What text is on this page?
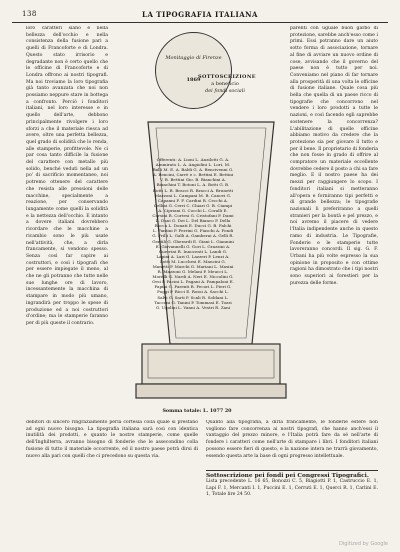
138	LA TIPOGRAFIA ITALIANA
loro caratteri siano e nella bellezza dell'occhio e nella consistenza della fusione pari a quelli di Francoforte e di Londra. Questo stato irrisorio e degradante non è certo quello che le officine di Francoforte e di Londra offrono ai nostri tipografi. Ma noi troviamo la loro tipografia già tanto avanzata che noi non possiamo neppure stare in bottega a confronto. Perciò i fonditori italiani, nel loro interesse e in quello dell'arte, debbono principalmente rivolgere i loro sforzi a che il materiale riesca ad avere, oltre una perfetta bellezza, quel grado di solidità che lo renda, alle stamperie, profittevole. Ne ci par cosa tanto difficile la fusione del carattere con metallo più solido, benché veduti nella ad un po' di sacrificio momentaneo, noi potremo ottenere del carattere che resista alle pressioni delle macchine, specialmente a reazione, per conservando lungamente come quelli la solidità e la nettezza dell'occhio. E intanto a dovere italiani dovrebbero ricordare che le macchine a ricambio sono le più usate nell'attività, che, a dirla francamente, si vendono spesso. Senza così far capire ai costruttori, e così i tipografi che per essere impiegate il meno, al che ne gli potranno che tutte nelle sue lunghe ore di lavoro, incessantemente la macchina di stampare in modo più umano, ingrandirà per troppo le spese di produzione ed a noi costruttori d'ordine; ma le stamperie faranno per di più queste il contrario.
parenti con uguale buon garbo di protezione, sarebbe anch'esso come i primi. Essi potranno dare un aiuto sotto forma di associazione, tornare al fine di avviare un nuovo ordine di cose, avvisando che il governo del paese non è tutto per noi. Conveniamo nel piano di far tornare alla prosperità di una volta le officine di fusione italiane. Quale cosa più bella che quella di un paese ricco di tipografie che concorrono nel vendere i loro prodotti a tutte le nazioni, e così facendo egli saprebbe sostenere la concorrenza? L'abilitazione di quelle officine abbiamo motivo da credere che la protezione sia per giovare il tutto e per il bene. Il proprietario di fonderia che non fosse in grado di offrire al compratore un materiale eccellente dovrebbe cedere il posto a chi sa fare meglio. E il nostro paese ha dei mezzi per raggiungere lo scopo. I fonditori italiani si metteranno all'opera e forniranno tipi perfetti e di grande bellezza; le tipografie nazionali li preferiranno a quelli stranieri per la bontà e pel prezzo, e noi avremo il piacere di vedere l'Italia indipendente anche in questo ramo di industria. Le Tipografie, Fonderie e le stamperie tutte lavoreranno concordi. Il sig. G. F. Urbani ha più volte espresso la sua opinione in proposito e con ottime ragioni ha dimostrato che i tipi nostri sono superiori ai forestieri per la purezza delle forme.
Monitaggio di Firenze
1869
SOTTOSCRIZIONE
a beneficio
dei fondi sociali
Offerenti: A. Lioni L. Anzilotti G. A. Ammirato L. A. Angiolini L. Lori, M. Balli M. E. A. Baldi G. A. Bencivenni G. A. Bencini, Carrè e c. Bettini E. Bettini V. B. Bettini Gio. B. Bianchini A. Bianchini T. Botoni L. A. Botti G. B. Botti L. B. Bracci R. Bracci A. Brunetti Mazzoni L. Campani M. B. Canovi G. Capanni F. F. Cardini R. Cecchi A. Cellini G. Cerri C. Chiari G. B. Ciampi A. Cipriani G. Cocchi L. Coralli E. Corsini R. Cortesi G. Cristofani P. Dami L. Dani G. Dei L. Del Bianco P. Della Rocca L. Donati E. Ducci G. B. Falchi L. Fantini P. Ferrini G. Fiaschi A. Fondi G. Frilli L. Galli A. Gamberai A. Gelli R. Gentili G. Gherardi E. Giani L. Giannini E. Giovannelli G. Gori L. Grazzini A. Guerrini R. Innocenti L. Landi G. Lapini A. Lari G. Lazzeri P. Lenzi A. Lotti M. Lucchesi E. Mancini G. Manetti P. Marchi G. Mariani L. Masini R. Mazzoni G. Melani P. Meucci L. Morelli G. Nardi A. Neri E. Niccolini G. Orsi P. Pacini L. Pagani A. Pampaloni E. Papini G. Parenti R. Pecori L. Pieri G. Poggi P. Ricci E. Rossi A. Sacchi L. Salvi G. Sarti P. Scali R. Soldani L. Tacconi G. Tanini P. Tommasi E. Tozzi G. Ugolini L. Vanni A. Vestri R. Zani
Somma totale: L. 1077 20
debitori di sincero ringraziamento perla cortesia colla quale si prestano ad ogni nuovo bisogno. La tipografia italiana sarà così con identica inutilità dei prodotti, e quanto le nostre stamperie, come quelle dell'Inghilterra, avranno bisogno di fonderie che le assecondino colla fusione di tutto il materiale occorrente, ed il nostro paese potrà dirsi di nuovo alla pari con quelli che ci precedono su questa via.
Quanto alla tipografia, a dirla francamente, le fonderie estere non vogliono fare concorrenza ai nostri tipografi, che hanno anch'essi il vantaggio del prezzo minore, e l'Italia potrà fare da sé nell'arte di fondere i caratteri come nell'arte di stampare i libri. I fonditori italiani possono essere fieri di questo, e la nazione intera ne trarrà giovamento, essendo questa arte la base di ogni progresso intellettuale.
Sottoscrizione pei fondi pei Congressi Tipografici.
Lista precedente L. 16 65, Bonozzi C. 5, Biagiotti P. 1, Castruccio E. 1, Lapi F. 1, Mercanti I. 1, Puccini E. 1, Cerruti E. 1, Querci R. 1, Carlini E. 1, Totale lire 24 50.
Digitized by Google
